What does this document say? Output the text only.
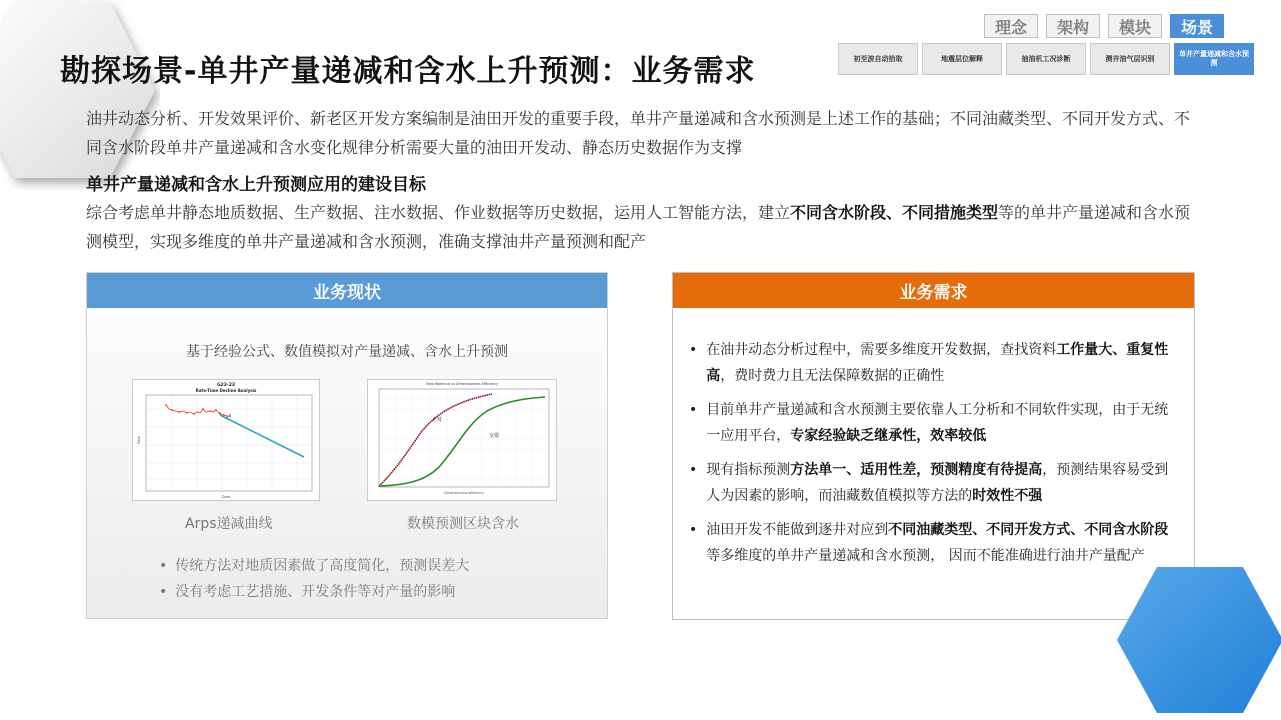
勘探场景-单井产量递减和含水上升预测：业务需求
理念	架构	模块	场景
初至波自动拾取	地震层位解释	抽油机工况诊断	测井油气层识别
单井产量递减和含水预测
油井动态分析、开发效果评价、新老区开发方案编制是油田开发的重要手段，单井产量递减和含水预测是上述工作的基础；不同油藏类型、不同开发方式、不同含水阶段单井产量递减和含水变化规律分析需要大量的油田开发动、静态历史数据作为支撑
单井产量递减和含水上升预测应用的建设目标
综合考虑单井静态地质数据、生产数据、注水数据、作业数据等历史数据，运用人工智能方法，建立不同含水阶段、不同措施类型等的单井产量递减和含水预测模型，实现多维度的单井产量递减和含水预测，准确支撑油井产量预测和配产
业务现状
基于经验公式、数值模拟对产量递减、含水上升预测
G23-23
Rate-Time Decline Analysis
Rate
Date
Field Watercut vs Dimensionless Efficiency
正对
交错
Dimensionless efficiency
Arps递减曲线	数模预测区块含水
• 传统方法对地质因素做了高度简化，预测误差大
• 没有考虑工艺措施、开发条件等对产量的影响
业务需求
• 在油井动态分析过程中，需要多维度开发数据，查找资料工作量大、重复性高，费时费力且无法保障数据的正确性
• 目前单井产量递减和含水预测主要依靠人工分析和不同软件实现，由于无统一应用平台，专家经验缺乏继承性，效率较低
• 现有指标预测方法单一、适用性差，预测精度有待提高，预测结果容易受到人为因素的影响，而油藏数值模拟等方法的时效性不强
• 油田开发不能做到逐井对应到不同油藏类型、不同开发方式、不同含水阶段等多维度的单井产量递减和含水预测， 因而不能准确进行油井产量配产
